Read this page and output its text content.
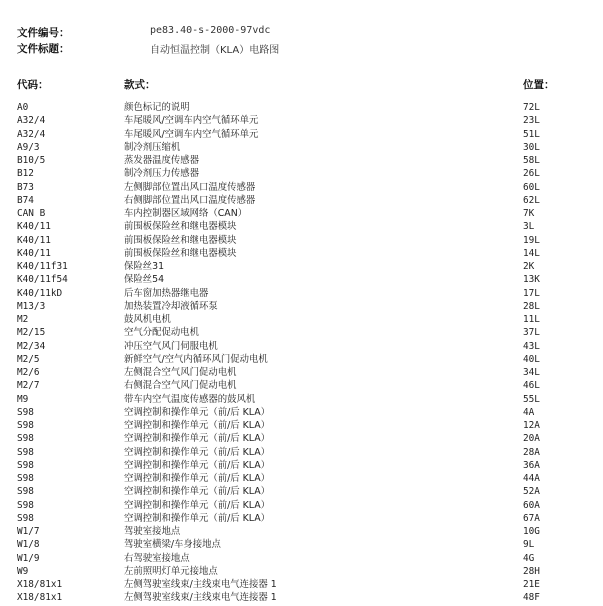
文件编号：	pe83.40-s-2000-97vdc
文件标题：	自动恒温控制（KLA）电路图
代码：	款式：	位置：
A0	颜色标记的说明	72L
A32/4	车尾暖风/空调车内空气循环单元	23L
A32/4	车尾暖风/空调车内空气循环单元	51L
A9/3	制冷剂压缩机	30L
B10/5	蒸发器温度传感器	58L
B12	制冷剂压力传感器	26L
B73	左侧脚部位置出风口温度传感器	60L
B74	右侧脚部位置出风口温度传感器	62L
CAN B	车内控制器区域网络（CAN）	7K
K40/11	前围板保险丝和继电器模块	3L
K40/11	前围板保险丝和继电器模块	19L
K40/11	前围板保险丝和继电器模块	14L
K40/11f31	保险丝31	2K
K40/11f54	保险丝54	13K
K40/11kD	后车窗加热器继电器	17L
M13/3	加热装置冷却液循环泵	28L
M2	鼓风机电机	11L
M2/15	空气分配促动电机	37L
M2/34	冲压空气风门伺服电机	43L
M2/5	新鲜空气/空气内循环风门促动电机	40L
M2/6	左侧混合空气风门促动电机	34L
M2/7	右侧混合空气风门促动电机	46L
M9	带车内空气温度传感器的鼓风机	55L
S98	空调控制和操作单元（前/后 KLA）	4A
S98	空调控制和操作单元（前/后 KLA）	12A
S98	空调控制和操作单元（前/后 KLA）	20A
S98	空调控制和操作单元（前/后 KLA）	28A
S98	空调控制和操作单元（前/后 KLA）	36A
S98	空调控制和操作单元（前/后 KLA）	44A
S98	空调控制和操作单元（前/后 KLA）	52A
S98	空调控制和操作单元（前/后 KLA）	60A
S98	空调控制和操作单元（前/后 KLA）	67A
W1/7	驾驶室接地点	10G
W1/8	驾驶室横梁/车身接地点	9L
W1/9	右驾驶室接地点	4G
W9	左前照明灯单元接地点	28H
X18/81x1	左侧驾驶室线束/主线束电气连接器 1	21E
X18/81x1	左侧驾驶室线束/主线束电气连接器 1	48F
